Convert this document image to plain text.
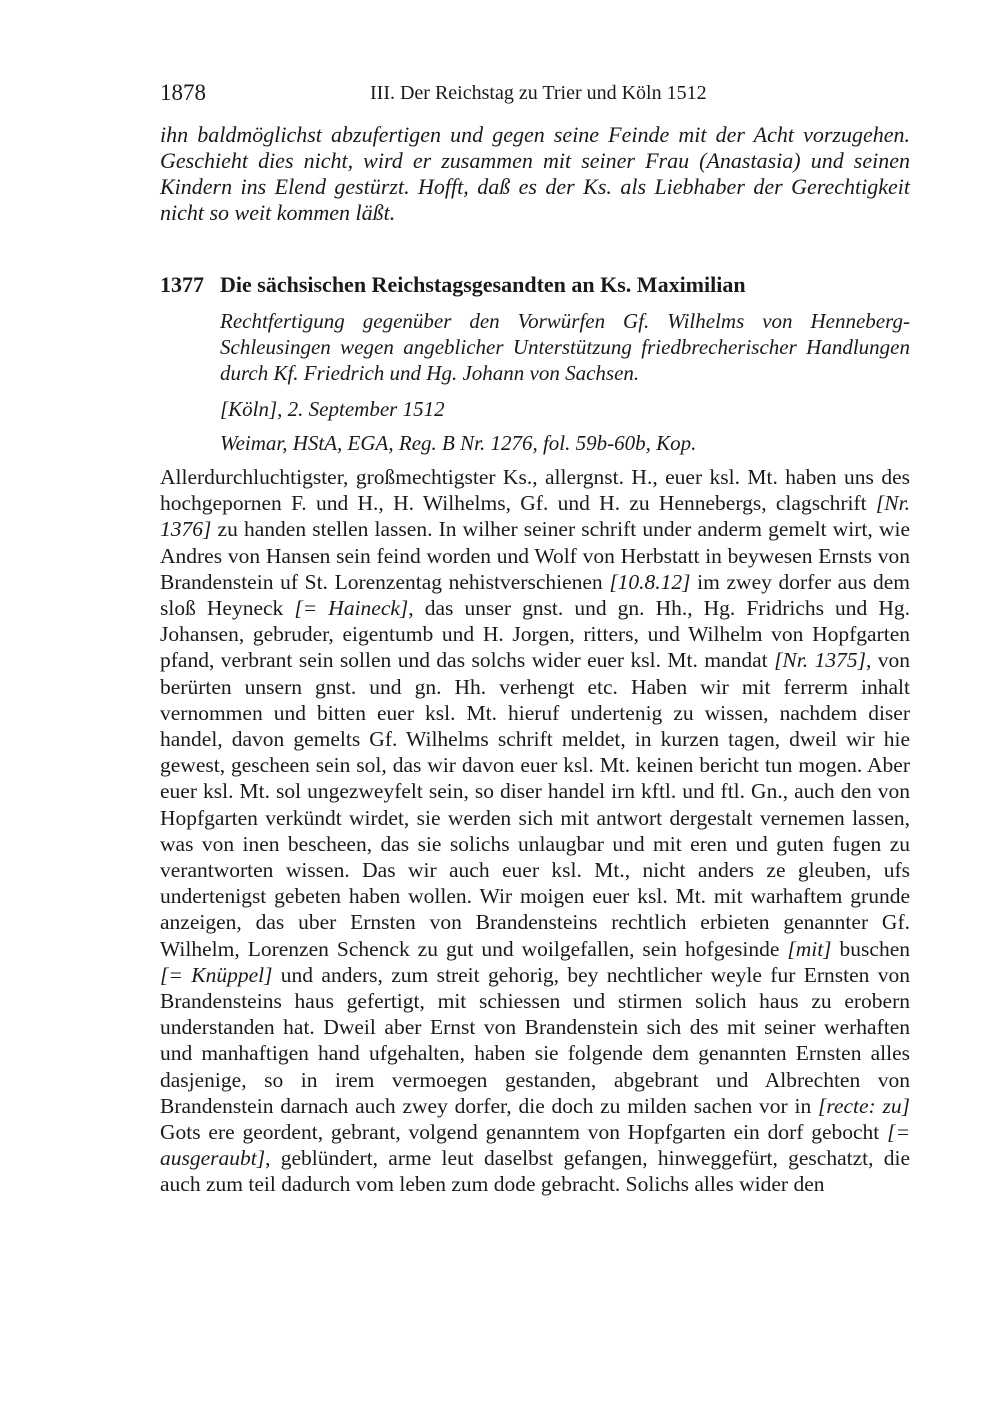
1878	III. Der Reichstag zu Trier und Köln 1512
ihn baldmöglichst abzufertigen und gegen seine Feinde mit der Acht vorzugehen. Geschieht dies nicht, wird er zusammen mit seiner Frau (Anastasia) und seinen Kindern ins Elend gestürzt. Hofft, daß es der Ks. als Liebhaber der Gerechtigkeit nicht so weit kommen läßt.
1377 Die sächsischen Reichstagsgesandten an Ks. Maximilian
Rechtfertigung gegenüber den Vorwürfen Gf. Wilhelms von Henneberg-Schleusingen wegen angeblicher Unterstützung friedbrecherischer Handlungen durch Kf. Friedrich und Hg. Johann von Sachsen.
[Köln], 2. September 1512
Weimar, HStA, EGA, Reg. B Nr. 1276, fol. 59b-60b, Kop.
Allerdurchluchtigster, großmechtigster Ks., allergnst. H., euer ksl. Mt. haben uns des hochgepornen F. und H., H. Wilhelms, Gf. und H. zu Hennebergs, clagschrift [Nr. 1376] zu handen stellen lassen. In wilher seiner schrift under anderm gemelt wirt, wie Andres von Hansen sein feind worden und Wolf von Herbstatt in beywesen Ernsts von Brandenstein uf St. Lorenzentag nehistverschienen [10.8.12] im zwey dorfer aus dem sloß Heyneck [= Haineck], das unser gnst. und gn. Hh., Hg. Fridrichs und Hg. Johansen, gebruder, eigentumb und H. Jorgen, ritters, und Wilhelm von Hopfgarten pfand, verbrant sein sollen und das solchs wider euer ksl. Mt. mandat [Nr. 1375], von berürten unsern gnst. und gn. Hh. verhengt etc. Haben wir mit ferrerm inhalt vernommen und bitten euer ksl. Mt. hieruf undertenig zu wissen, nachdem diser handel, davon gemelts Gf. Wilhelms schrift meldet, in kurzen tagen, dweil wir hie gewest, gescheen sein sol, das wir davon euer ksl. Mt. keinen bericht tun mogen. Aber euer ksl. Mt. sol ungezweyfelt sein, so diser handel irn kftl. und ftl. Gn., auch den von Hopfgarten verkündt wirdet, sie werden sich mit antwort dergestalt vernemen lassen, was von inen bescheen, das sie solichs unlaugbar und mit eren und guten fugen zu verantworten wissen. Das wir auch euer ksl. Mt., nicht anders ze gleuben, ufs undertenigst gebeten haben wollen. Wir moigen euer ksl. Mt. mit warhaftem grunde anzeigen, das uber Ernsten von Brandensteins rechtlich erbieten genannter Gf. Wilhelm, Lorenzen Schenck zu gut und woilgefallen, sein hofgesinde [mit] buschen [= Knüppel] und anders, zum streit gehorig, bey nechtlicher weyle fur Ernsten von Brandensteins haus gefertigt, mit schiessen und stirmen solich haus zu erobern understanden hat. Dweil aber Ernst von Brandenstein sich des mit seiner werhaften und manhaftigen hand ufgehalten, haben sie folgende dem genannten Ernsten alles dasjenige, so in irem vermoegen gestanden, abgebrant und Albrechten von Brandenstein darnach auch zwey dorfer, die doch zu milden sachen vor in [recte: zu] Gots ere geordent, gebrant, volgend genanntem von Hopfgarten ein dorf gebocht [= ausgeraubt], geblündert, arme leut daselbst gefangen, hinweggefürt, geschatzt, die auch zum teil dadurch vom leben zum dode gebracht. Solichs alles wider den
